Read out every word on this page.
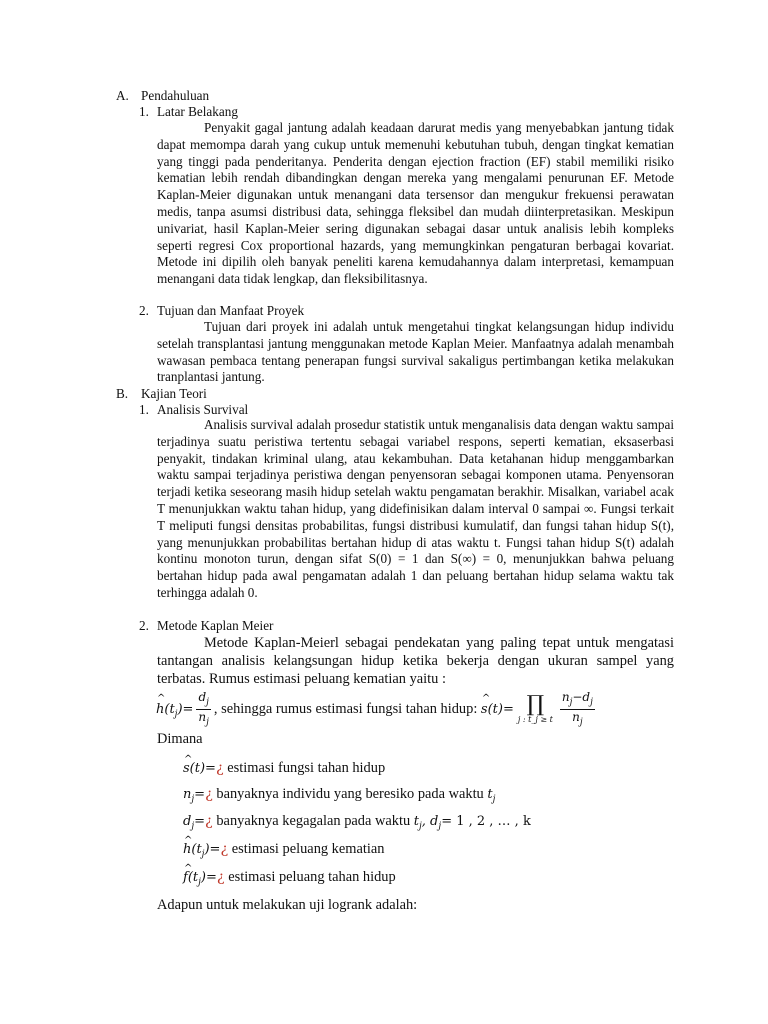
A. Pendahuluan
1. Latar Belakang
Penyakit gagal jantung adalah keadaan darurat medis yang menyebabkan jantung tidak dapat memompa darah yang cukup untuk memenuhi kebutuhan tubuh, dengan tingkat kematian yang tinggi pada penderitanya. Penderita dengan ejection fraction (EF) stabil memiliki risiko kematian lebih rendah dibandingkan dengan mereka yang mengalami penurunan EF. Metode Kaplan-Meier digunakan untuk menangani data tersensor dan mengukur frekuensi perawatan medis, tanpa asumsi distribusi data, sehingga fleksibel dan mudah diinterpretasikan. Meskipun univariat, hasil Kaplan-Meier sering digunakan sebagai dasar untuk analisis lebih kompleks seperti regresi Cox proportional hazards, yang memungkinkan pengaturan berbagai kovariat. Metode ini dipilih oleh banyak peneliti karena kemudahannya dalam interpretasi, kemampuan menangani data tidak lengkap, dan fleksibilitasnya.
2. Tujuan dan Manfaat Proyek
Tujuan dari proyek ini adalah untuk mengetahui tingkat kelangsungan hidup individu setelah transplantasi jantung menggunakan metode Kaplan Meier. Manfaatnya adalah menambah wawasan pembaca tentang penerapan fungsi survival sakaligus pertimbangan ketika melakukan tranplantasi jantung.
B. Kajian Teori
1. Analisis Survival
Analisis survival adalah prosedur statistik untuk menganalisis data dengan waktu sampai terjadinya suatu peristiwa tertentu sebagai variabel respons, seperti kematian, eksaserbasi penyakit, tindakan kriminal ulang, atau kekambuhan. Data ketahanan hidup menggambarkan waktu sampai terjadinya peristiwa dengan penyensoran sebagai komponen utama. Penyensoran terjadi ketika seseorang masih hidup setelah waktu pengamatan berakhir. Misalkan, variabel acak T menunjukkan waktu tahan hidup, yang didefinisikan dalam interval 0 sampai ∞. Fungsi terkait T meliputi fungsi densitas probabilitas, fungsi distribusi kumulatif, dan fungsi tahan hidup S(t), yang menunjukkan probabilitas bertahan hidup di atas waktu t. Fungsi tahan hidup S(t) adalah kontinu monoton turun, dengan sifat S(0) = 1 dan S(∞) = 0, menunjukkan bahwa peluang bertahan hidup pada awal pengamatan adalah 1 dan peluang bertahan hidup selama waktu tak terhingga adalah 0.
2. Metode Kaplan Meier
Metode Kaplan-Meierl sebagai pendekatan yang paling tepat untuk mengatasi tantangan analisis kelangsungan hidup ketika bekerja dengan ukuran sampel yang terbatas. Rumus estimasi peluang kematian yaitu :
^ $h(t_j)= \frac{d_j}{n_j}$ , sehingga rumus estimasi fungsi tahan hidup: ^ s(t)= ∏
j : t_j ≥ t $\frac{n_j-d_j}{n_j}$
Dimana
^ s(t)=¿ estimasi fungsi tahan hidup
$n_j=¿$ banyaknya individu yang beresiko pada waktu $t_j$
$d_j=¿$ banyaknya kegagalan pada waktu $t_j$, $d_j= 1$ , 2 , … , k
^ $h(t_j)=¿$ estimasi peluang kematian
^ $f(t_j)=¿$ estimasi peluang tahan hidup
Adapun untuk melakukan uji logrank adalah:
